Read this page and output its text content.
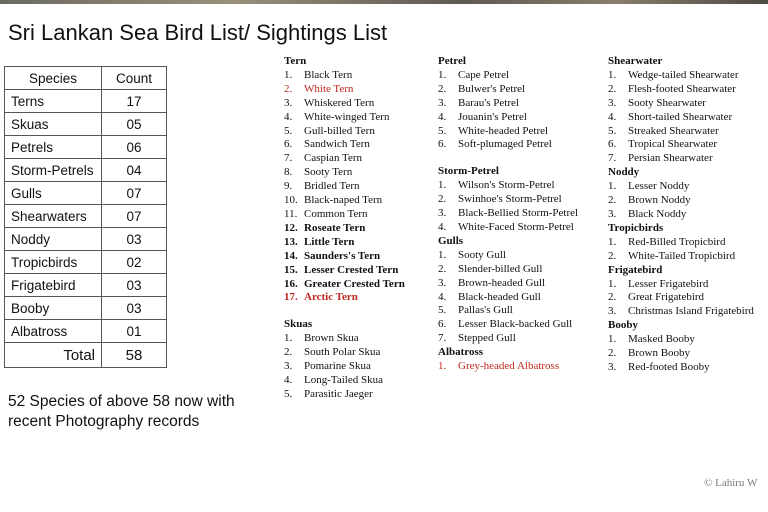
Sri Lankan Sea Bird List/ Sightings List
Species	Count
Terns	17
Skuas	05
Petrels	06
Storm-Petrels	04
Gulls	07
Shearwaters	07
Noddy	03
Tropicbirds	02
Frigatebird	03
Booby	03
Albatross	01
Total	58
52 Species of above 58 now with recent Photography records
Tern
1. Black Tern
2. White Tern
3. Whiskered Tern
4. White-winged Tern
5. Gull-billed Tern
6. Sandwich Tern
7. Caspian Tern
8. Sooty Tern
9. Bridled Tern
10. Black-naped Tern
11. Common Tern
12. Roseate Tern
13. Little Tern
14. Saunders's Tern
15. Lesser Crested Tern
16. Greater Crested Tern
17. Arctic Tern
Skuas
1. Brown Skua
2. South Polar Skua
3. Pomarine Skua
4. Long-Tailed Skua
5. Parasitic Jaeger
Petrel
1. Cape Petrel
2. Bulwer's Petrel
3. Barau's Petrel
4. Jouanin's Petrel
5. White-headed Petrel
6. Soft-plumaged Petrel
Storm-Petrel
1. Wilson's Storm-Petrel
2. Swinhoe's Storm-Petrel
3. Black-Bellied Storm-Petrel
4. White-Faced Storm-Petrel
Gulls
1. Sooty Gull
2. Slender-billed Gull
3. Brown-headed Gull
4. Black-headed Gull
5. Pallas's Gull
6. Lesser Black-backed Gull
7. Stepped Gull
Albatross
1. Grey-headed Albatross
Shearwater
1. Wedge-tailed Shearwater
2. Flesh-footed Shearwater
3. Sooty Shearwater
4. Short-tailed Shearwater
5. Streaked Shearwater
6. Tropical Shearwater
7. Persian Shearwater
Noddy
1. Lesser Noddy
2. Brown Noddy
3. Black Noddy
Tropicbirds
1. Red-Billed Tropicbird
2. White-Tailed Tropicbird
Frigatebird
1. Lesser Frigatebird
2. Great Frigatebird
3. Christmas Island Frigatebird
Booby
1. Masked Booby
2. Brown Booby
3. Red-footed Booby
© Lahiru W
